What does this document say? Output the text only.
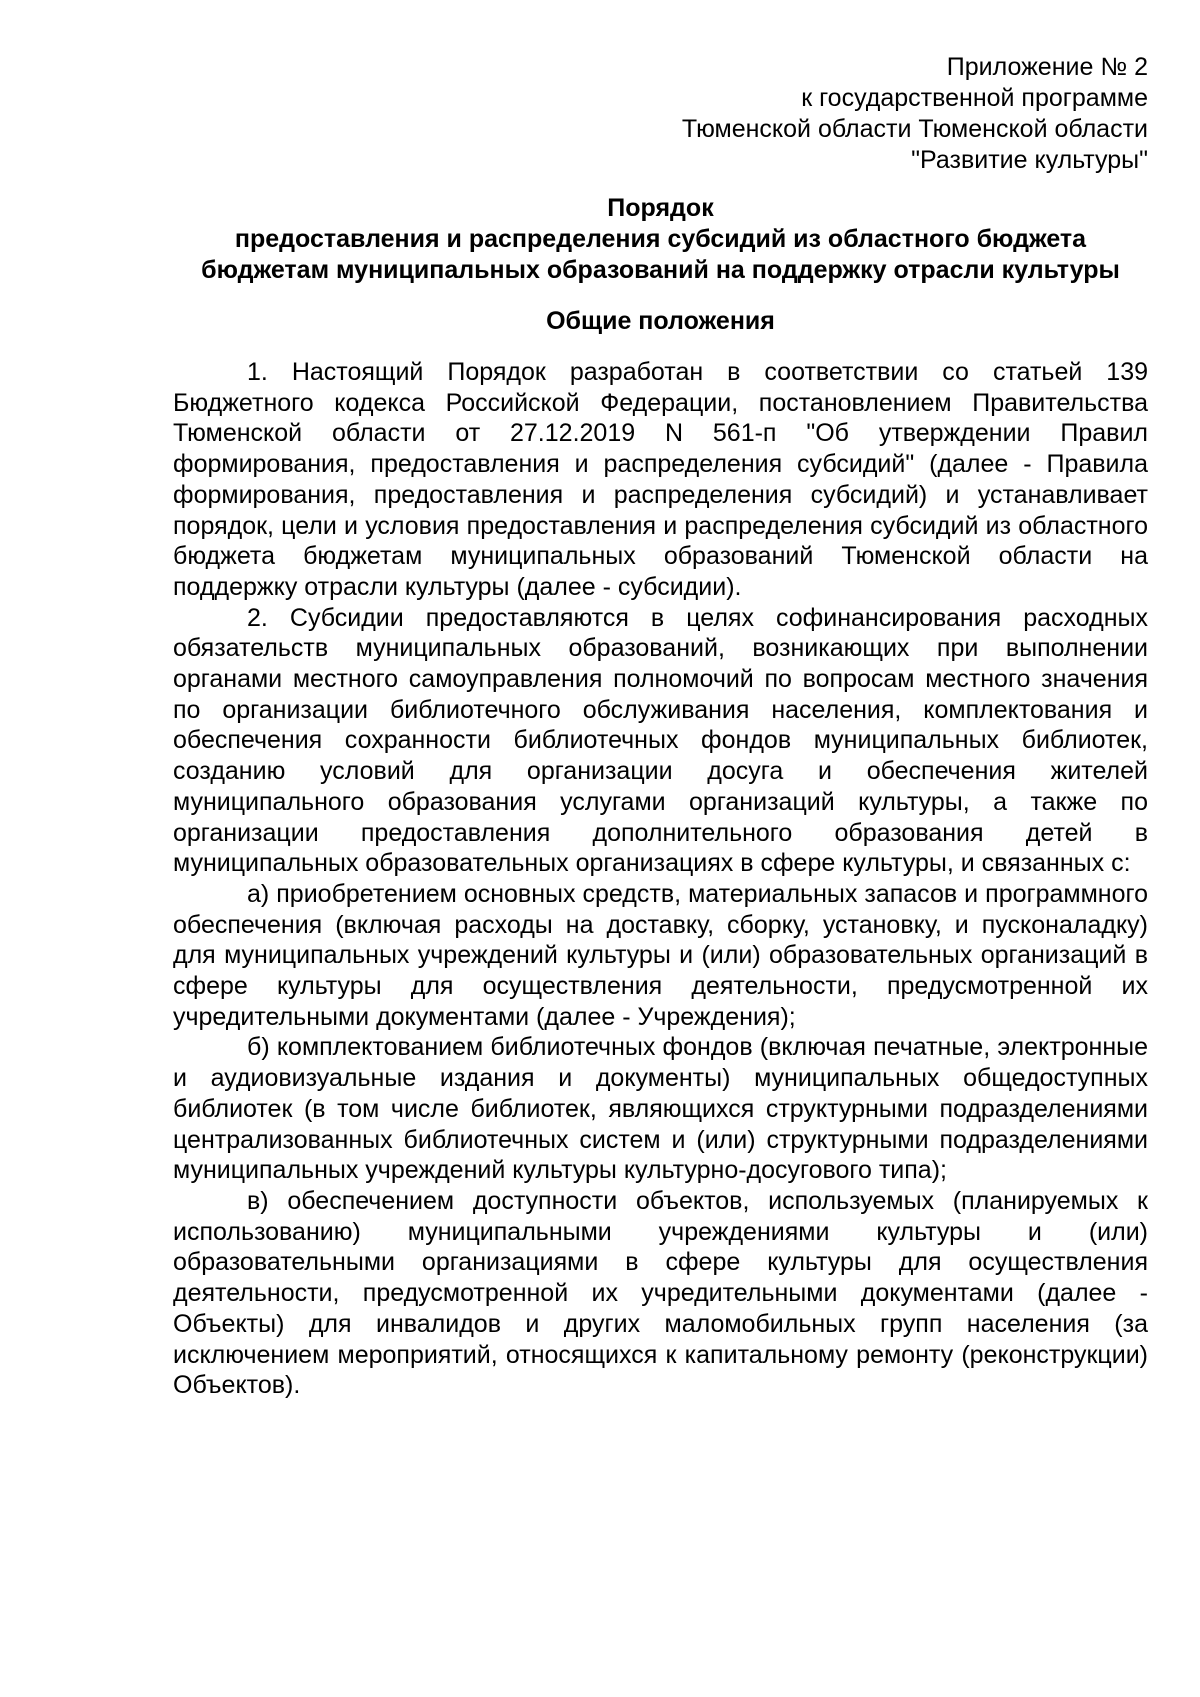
Приложение № 2
к государственной программе
Тюменской области Тюменской области
"Развитие культуры"
Порядок
предоставления и распределения субсидий из областного бюджета
бюджетам муниципальных образований на поддержку отрасли культуры
Общие положения

1. Настоящий Порядок разработан в соответствии со статьей 139 Бюджетного кодекса Российской Федерации, постановлением Правительства Тюменской области от 27.12.2019 N 561-п "Об утверждении Правил формирования, предоставления и распределения субсидий" (далее - Правила формирования, предоставления и распределения субсидий) и устанавливает порядок, цели и условия предоставления и распределения субсидий из областного бюджета бюджетам муниципальных образований Тюменской области на поддержку отрасли культуры (далее - субсидии).

2. Субсидии предоставляются в целях софинансирования расходных обязательств муниципальных образований, возникающих при выполнении органами местного самоуправления полномочий по вопросам местного значения по организации библиотечного обслуживания населения, комплектования и обеспечения сохранности библиотечных фондов муниципальных библиотек, созданию условий для организации досуга и обеспечения жителей муниципального образования услугами организаций культуры, а также по организации предоставления дополнительного образования детей в муниципальных образовательных организациях в сфере культуры, и связанных с:

а) приобретением основных средств, материальных запасов и программного обеспечения (включая расходы на доставку, сборку, установку, и пусконаладку) для муниципальных учреждений культуры и (или) образовательных организаций в сфере культуры для осуществления деятельности, предусмотренной их учредительными документами (далее - Учреждения);

б) комплектованием библиотечных фондов (включая печатные, электронные и аудиовизуальные издания и документы) муниципальных общедоступных библиотек (в том числе библиотек, являющихся структурными подразделениями централизованных библиотечных систем и (или) структурными подразделениями муниципальных учреждений культуры культурно-досугового типа);

в) обеспечением доступности объектов, используемых (планируемых к использованию) муниципальными учреждениями культуры и (или) образовательными организациями в сфере культуры для осуществления деятельности, предусмотренной их учредительными документами (далее - Объекты) для инвалидов и других маломобильных групп населения (за исключением мероприятий, относящихся к капитальному ремонту (реконструкции) Объектов).
